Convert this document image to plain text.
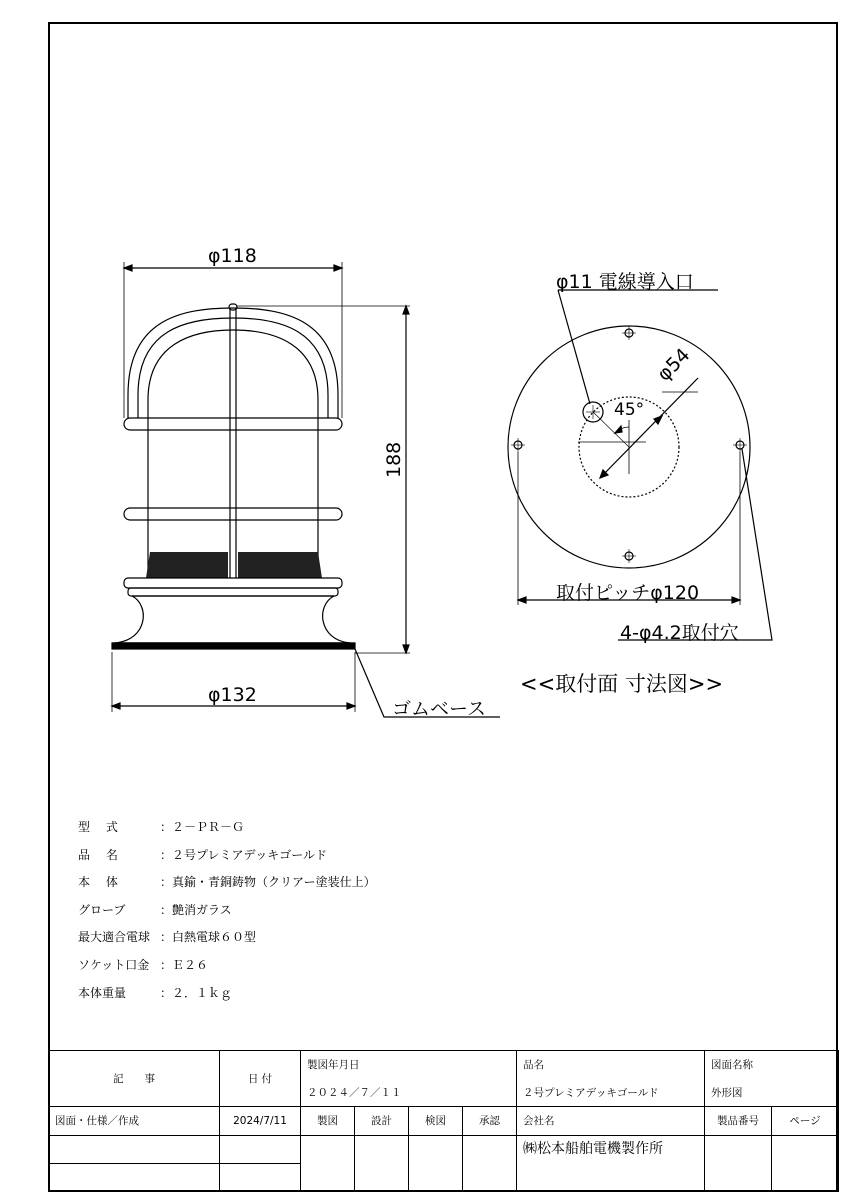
φ118
188
φ132
ゴムベース
φ11 電線導入口
φ54
45°
取付ピッチφ120
4-φ4.2取付穴
<<取付面 寸法図>>
型　 式	：２－ＰＲ－Ｇ
品　 名	：２号プレミアデッキゴールド
本　 体	：真鍮・青銅鋳物（クリアー塗装仕上）
グローブ	：艶消ガラス
最大適合電球 ：白熱電球６０型
ソケット口金 ：Ｅ２６
本体重量	：２．１ｋｇ
記　　事	日 付	製図年月日				品名	図面名称	
		２０２４／７／１１				２号プレミアデッキゴールド	外形図	
図面・仕様／作成	2024/7/11	製図	設計	検図	承認	会社名	製品番号	ページ
						㈱松本船舶電機製作所		
